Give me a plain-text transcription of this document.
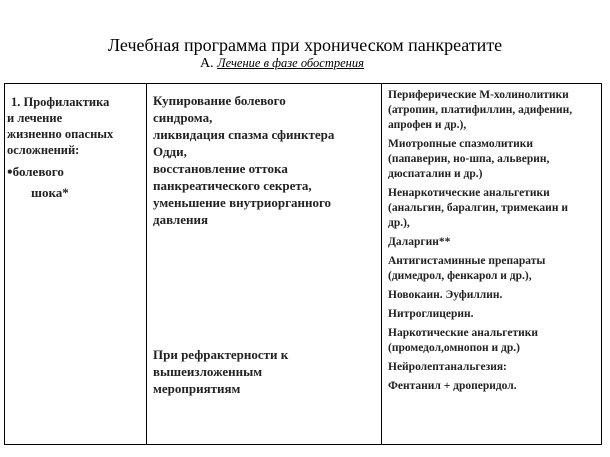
Лечебная программа при хроническом панкреатите
А. Лечение в фазе обострения
1. Профилактика
и лечение
жизненно опасных
осложнений:
•болевого
шока*
Купирование болевого
синдрома,
ликвидация спазма сфинктера
Одди,
восстановление оттока
панкреатического секрета,
уменьшение внутриорганного
давления
При рефрактерности к
вышеизложенным
мероприятиям
Периферические М-холинолитики
(атропин, платифиллин, адифенин,
апрофен и др.),
Миотропные спазмолитики
(папаверин, но-шпа, альверин,
дюспаталин и др.)
Ненаркотические анальгетики
(анальгин, баралгин, тримекаин и
др.),
Даларгин**
Антигистаминные препараты
(димедрол, фенкарол и др.),
Новокаин. Эуфиллин.
Нитроглицерин.
Наркотические анальгетики
(промедол,омнопон и др.)
Нейролептанальгезия:
Фентанил + дроперидол.
